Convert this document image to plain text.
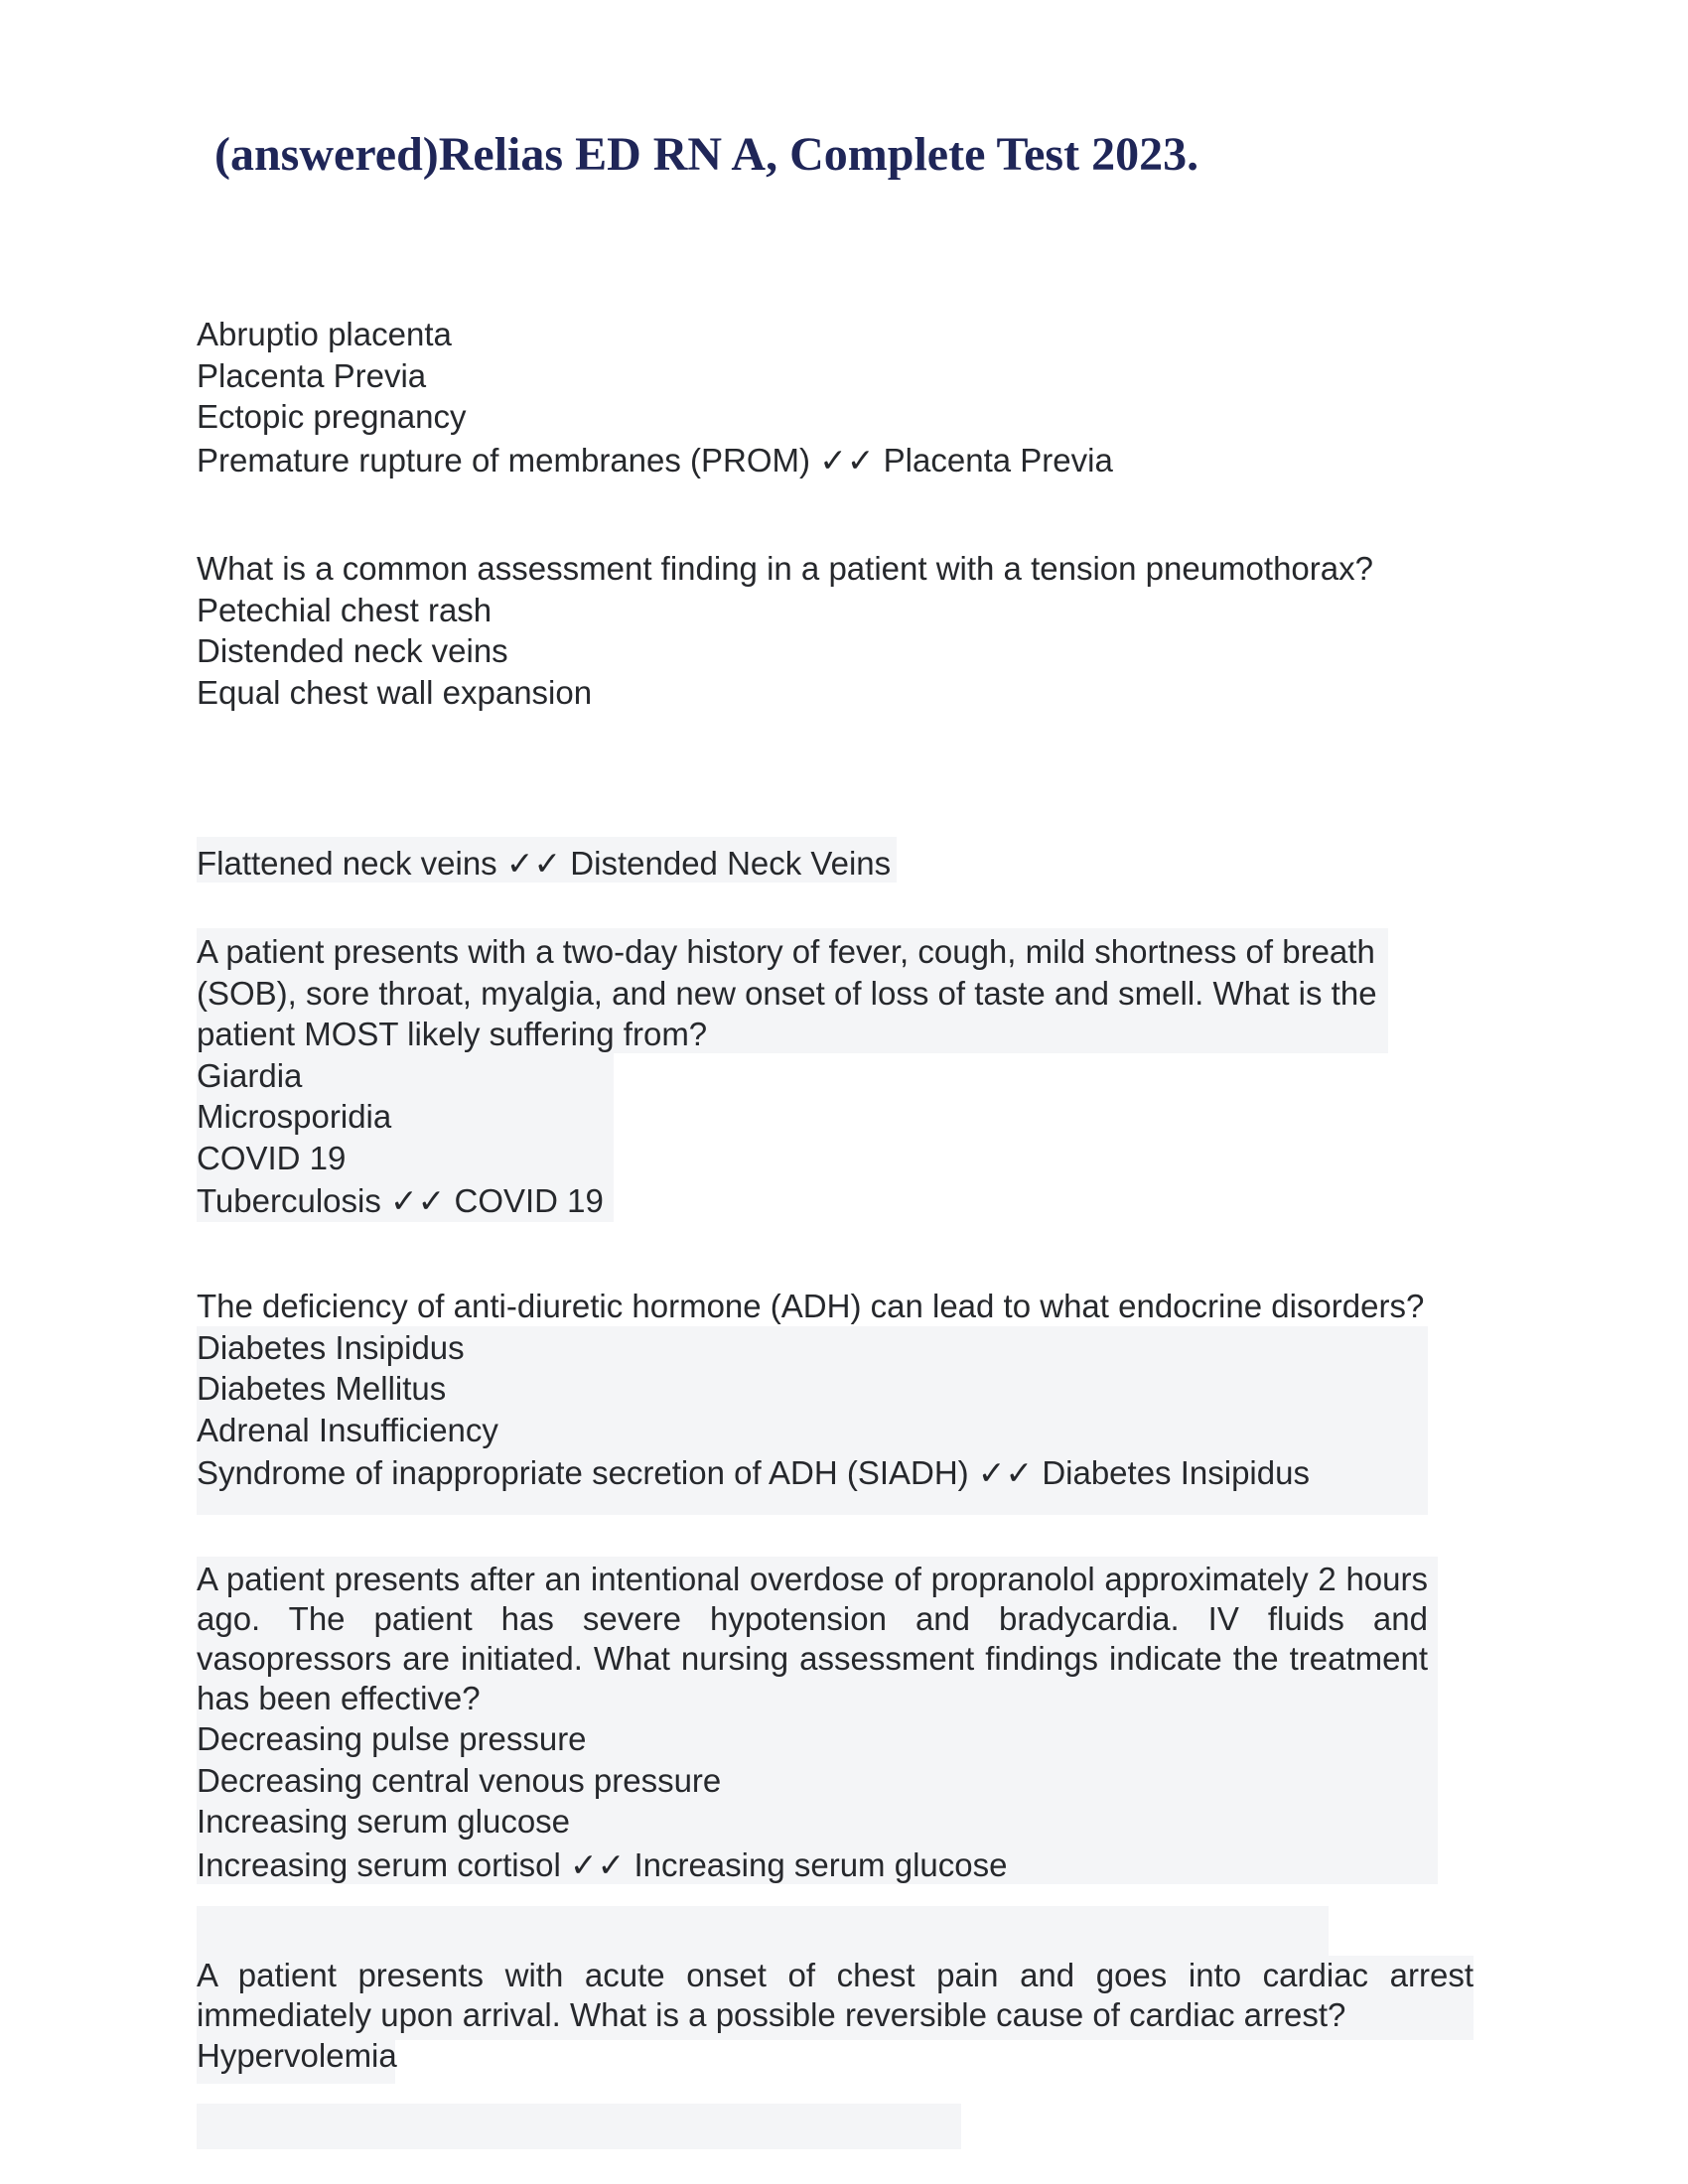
(answered)Relias ED RN A, Complete Test 2023.
Abruptio placenta
Placenta Previa
Ectopic pregnancy
Premature rupture of membranes (PROM) ✓✓ Placenta Previa
What is a common assessment finding in a patient with a tension pneumothorax?
Petechial chest rash
Distended neck veins
Equal chest wall expansion
Flattened neck veins ✓✓ Distended Neck Veins
A patient presents with a two-day history of fever, cough, mild shortness of breath
(SOB), sore throat, myalgia, and new onset of loss of taste and smell. What is the
patient MOST likely suffering from?
Giardia
Microsporidia
COVID 19
Tuberculosis ✓✓ COVID 19
The deficiency of anti-diuretic hormone (ADH) can lead to what endocrine disorders?
Diabetes Insipidus
Diabetes Mellitus
Adrenal Insufficiency
Syndrome of inappropriate secretion of ADH (SIADH) ✓✓ Diabetes Insipidus
A patient presents after an intentional overdose of propranolol approximately 2 hours ago. The patient has severe hypotension and bradycardia. IV fluids and vasopressors are initiated. What nursing assessment findings indicate the treatment has been effective?
Decreasing pulse pressure
Decreasing central venous pressure
Increasing serum glucose
Increasing serum cortisol ✓✓ Increasing serum glucose
A patient presents with acute onset of chest pain and goes into cardiac arrest immediately upon arrival. What is a possible reversible cause of cardiac arrest?
Hypervolemia
